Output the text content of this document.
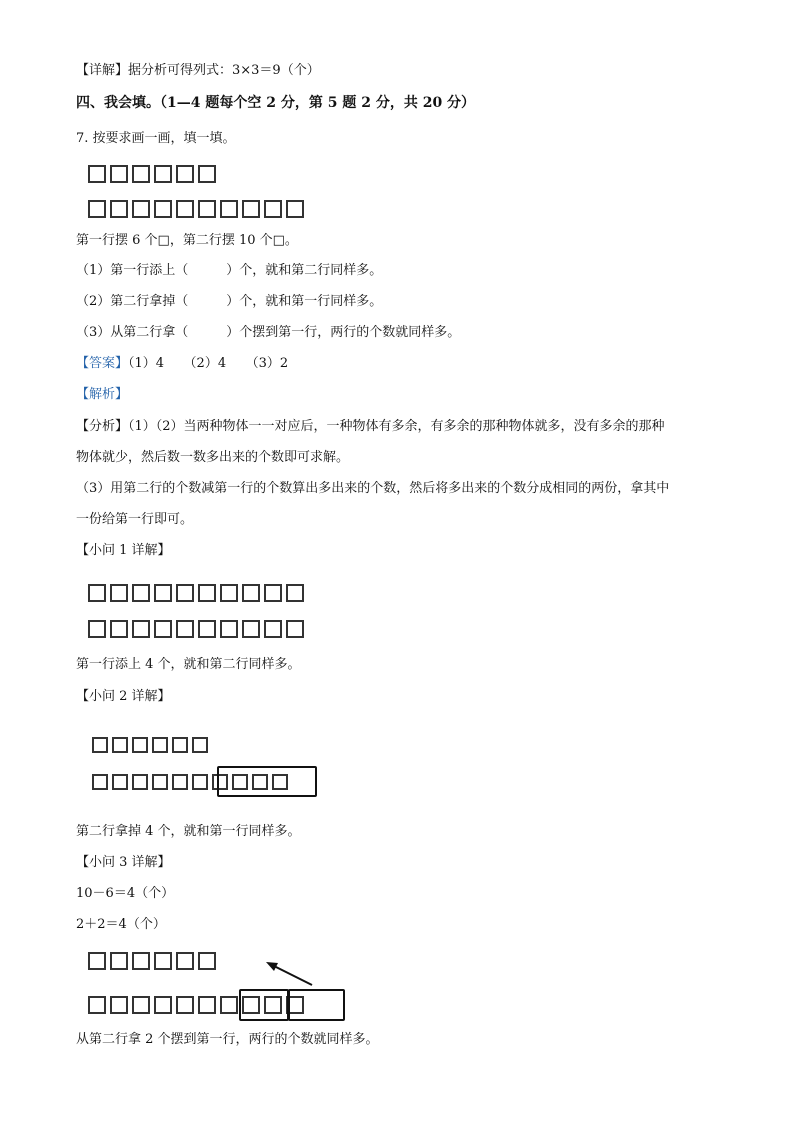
【详解】据分析可得列式：3×3＝9（个）
四、我会填。（1—4 题每个空 2 分，第 5 题 2 分，共 20 分）
7. 按要求画一画，填一填。
第一行摆 6 个□，第二行摆 10 个□。
（1）第一行添上（	）个，就和第二行同样多。
（2）第二行拿掉（	）个，就和第一行同样多。
（3）从第二行拿（	）个摆到第一行，两行的个数就同样多。
【答案】（1）4　　（2）4　　（3）2
【解析】
【分析】（1）（2）当两种物体一一对应后，一种物体有多余，有多余的那种物体就多，没有多余的那种
物体就少，然后数一数多出来的个数即可求解。
（3）用第二行的个数减第一行的个数算出多出来的个数，然后将多出来的个数分成相同的两份，拿其中
一份给第一行即可。
【小问 1 详解】
第一行添上 4 个，就和第二行同样多。
【小问 2 详解】
第二行拿掉 4 个，就和第一行同样多。
【小问 3 详解】
10－6＝4（个）
2＋2＝4（个）
从第二行拿 2 个摆到第一行，两行的个数就同样多。
